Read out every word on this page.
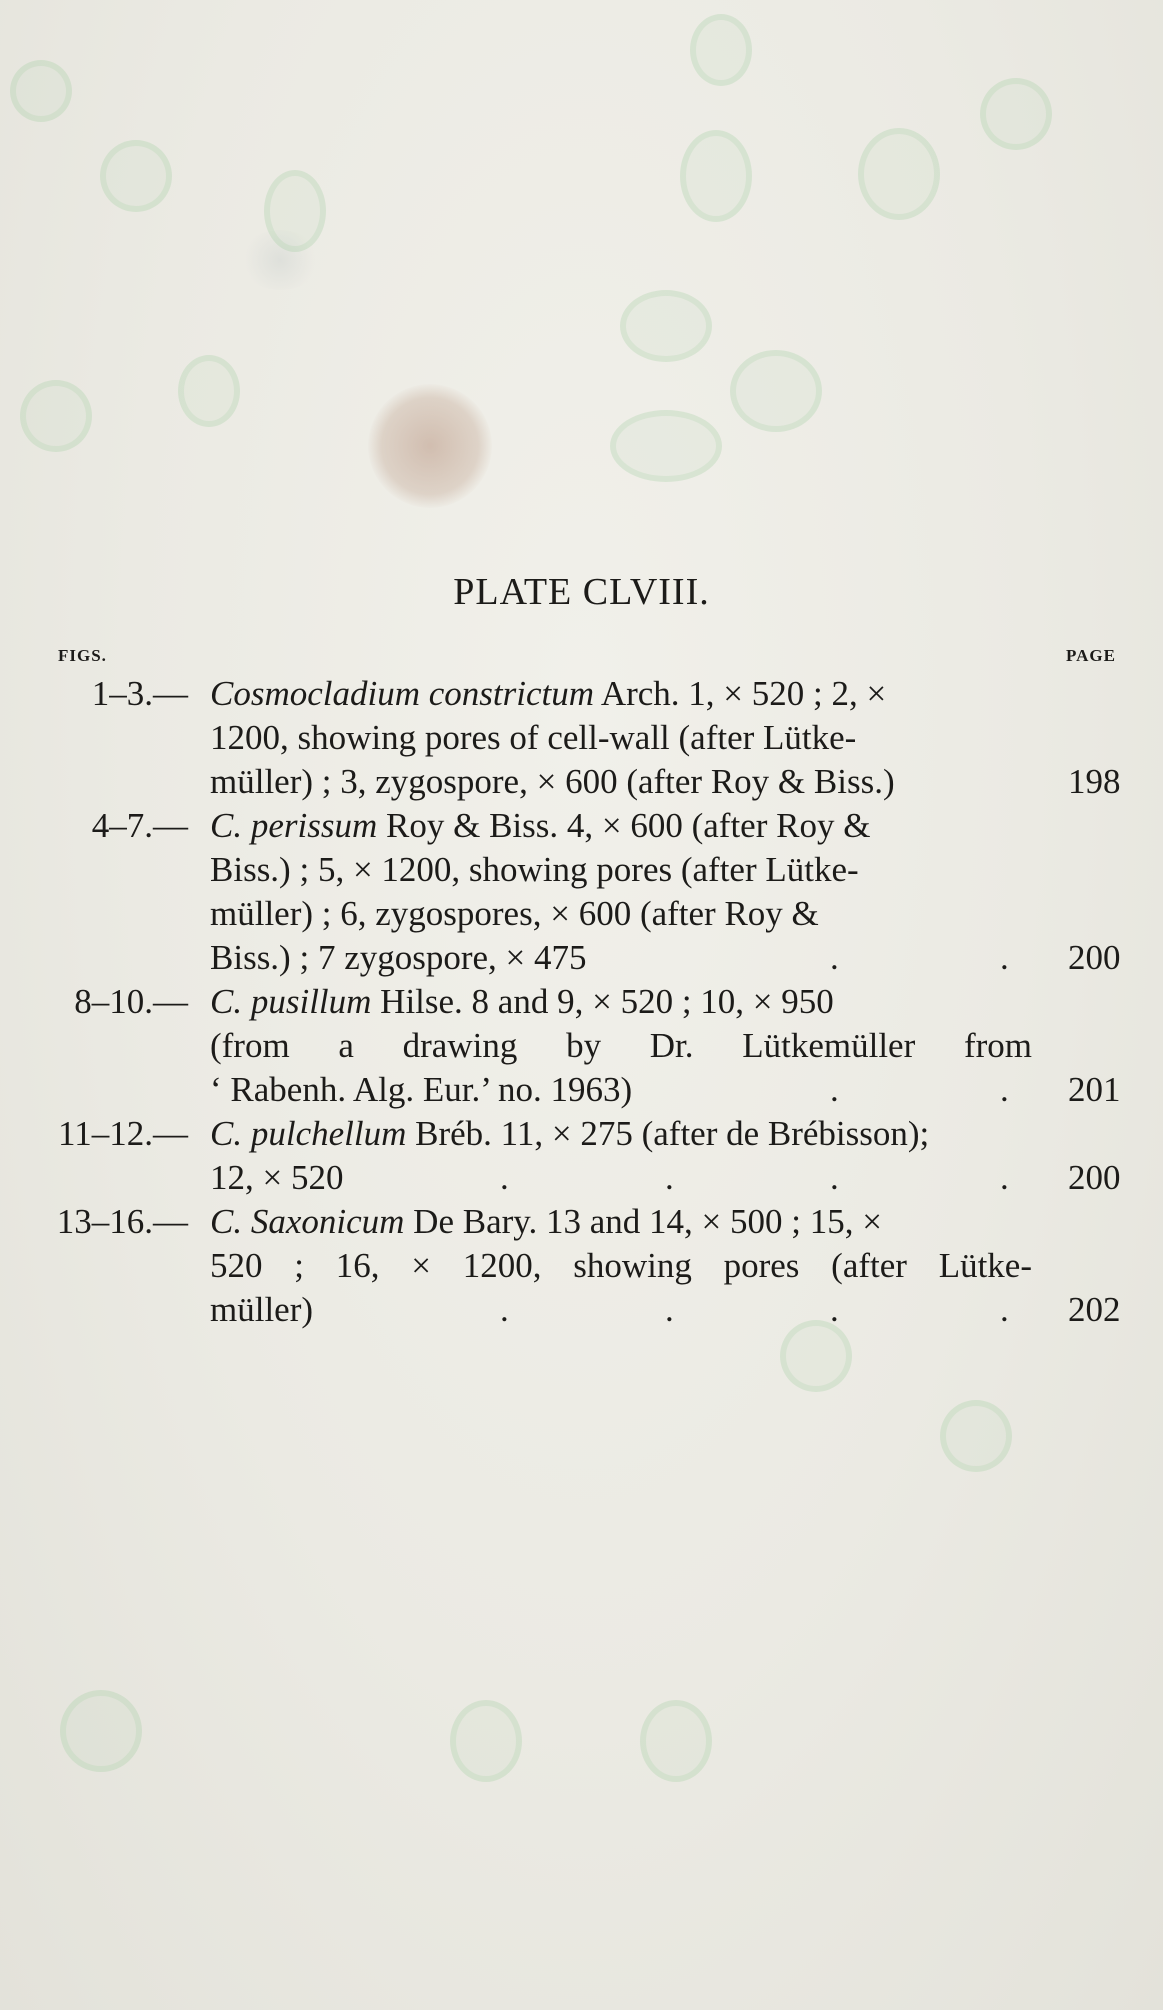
PLATE CLVIII.
FIGS.	PAGE
1–3.— Cosmocladium constrictum Arch. 1, × 520 ; 2, ×
1200, showing pores of cell-wall (after Lütke-
müller) ; 3, zygospore, × 600 (after Roy & Biss.)	198
4–7.— C. perissum Roy & Biss. 4, × 600 (after Roy &
Biss.) ; 5, × 1200, showing pores (after Lütke-
müller) ; 6, zygospores, × 600 (after Roy &
Biss.) ; 7 zygospore, × 475	.	. 200
8–10.— C. pusillum Hilse. 8 and 9, × 520 ; 10, × 950
(from a drawing by Dr. Lütkemüller from
‘ Rabenh. Alg. Eur.’ no. 1963)	.	. 201
11–12.— C. pulchellum Bréb. 11, × 275 (after de Brébisson);
12, × 520	.	.	.	. 200
13–16.— C. Saxonicum De Bary. 13 and 14, × 500 ; 15, ×
520 ; 16, × 1200, showing pores (after Lütke-
müller)	.	.	.	. 202
